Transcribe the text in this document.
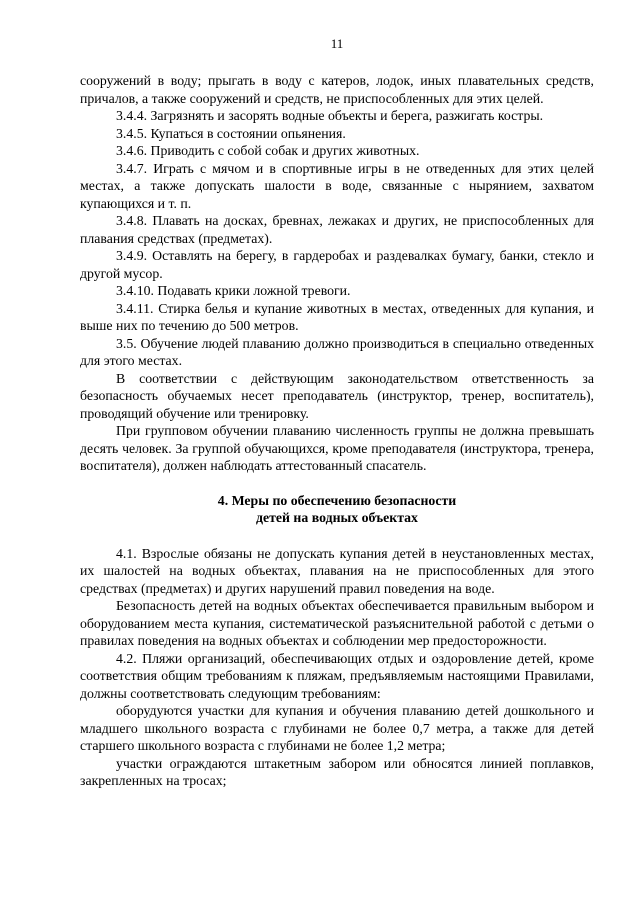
11

сооружений в воду; прыгать в воду с катеров, лодок, иных плавательных средств, причалов, а также сооружений и средств, не приспособленных для этих целей.

3.4.4. Загрязнять и засорять водные объекты и берега, разжигать костры.

3.4.5. Купаться в состоянии опьянения.

3.4.6. Приводить с собой собак и других животных.

3.4.7. Играть с мячом и в спортивные игры в не отведенных для этих целей местах, а также допускать шалости в воде, связанные с нырянием, захватом купающихся и т. п.

3.4.8. Плавать на досках, бревнах, лежаках и других, не приспособленных для плавания средствах (предметах).

3.4.9. Оставлять на берегу, в гардеробах и раздевалках бумагу, банки, стекло и другой мусор.

3.4.10. Подавать крики ложной тревоги.

3.4.11. Стирка белья и купание животных в местах, отведенных для купания, и выше них по течению до 500 метров.

3.5. Обучение людей плаванию должно производиться в специально отведенных для этого местах.

В соответствии с действующим законодательством ответственность за безопасность обучаемых несет преподаватель (инструктор, тренер, воспитатель), проводящий обучение или тренировку.

При групповом обучении плаванию численность группы не должна превышать десять человек. За группой обучающихся, кроме преподавателя (инструктора, тренера, воспитателя), должен наблюдать аттестованный спасатель.

4. Меры по обеспечению безопасности

детей на водных объектах

4.1. Взрослые обязаны не допускать купания детей в неустановленных местах, их шалостей на водных объектах, плавания на не приспособленных для этого средствах (предметах) и других нарушений правил поведения на воде.

Безопасность детей на водных объектах обеспечивается правильным выбором и оборудованием места купания, систематической разъяснительной работой с детьми о правилах поведения на водных объектах и соблюдении мер предосторожности.

4.2. Пляжи организаций, обеспечивающих отдых и оздоровление детей, кроме соответствия общим требованиям к пляжам, предъявляемым настоящими Правилами, должны соответствовать следующим требованиям:

оборудуются участки для купания и обучения плаванию детей дошкольного и младшего школьного возраста с глубинами не более 0,7 метра, а также для детей старшего школьного возраста с глубинами не более 1,2 метра;

участки ограждаются штакетным забором или обносятся линией поплавков, закрепленных на тросах;
